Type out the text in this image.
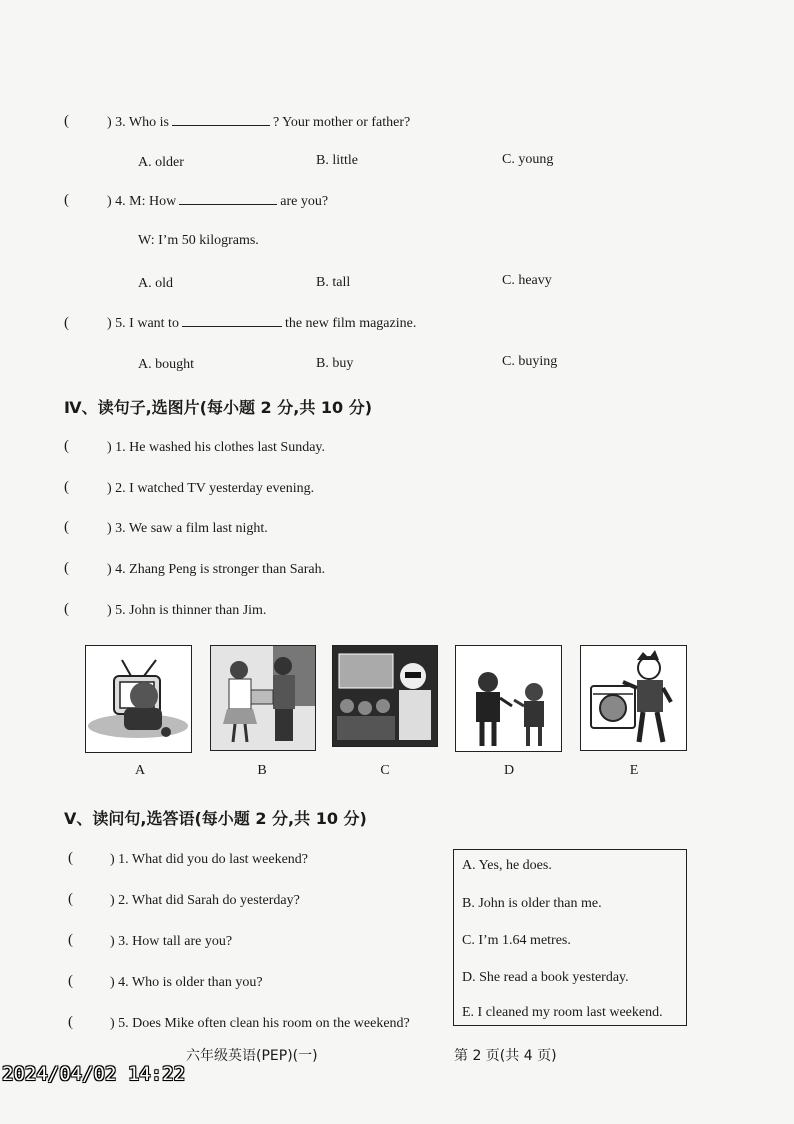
(	) 3. Who is	? Your mother or father?
A. older	B. little	C. young
(	) 4. M: How	are you?
W: I’m 50 kilograms.
A. old	B. tall	C. heavy
(	) 5. I want to	the new film magazine.
A. bought	B. buy	C. buying
Ⅳ、读句子,选图片(每小题 2 分,共 10 分)
(	) 1. He washed his clothes last Sunday.
(	) 2. I watched TV yesterday evening.
(	) 3. We saw a film last night.
(	) 4. Zhang Peng is stronger than Sarah.
(	) 5. John is thinner than Jim.
A	B	C	D	E
Ⅴ、读问句,选答语(每小题 2 分,共 10 分)
(	) 1. What did you do last weekend?
(	) 2. What did Sarah do yesterday?
(	) 3. How tall are you?
(	) 4. Who is older than you?
(	) 5. Does Mike often clean his room on the weekend?
A. Yes, he does.
B. John is older than me.
C. I’m 1.64 metres.
D. She read a book yesterday.
E. I cleaned my room last weekend.
六年级英语(PEP)(一)	第 2 页(共 4 页)
2024/04/02 14:22
